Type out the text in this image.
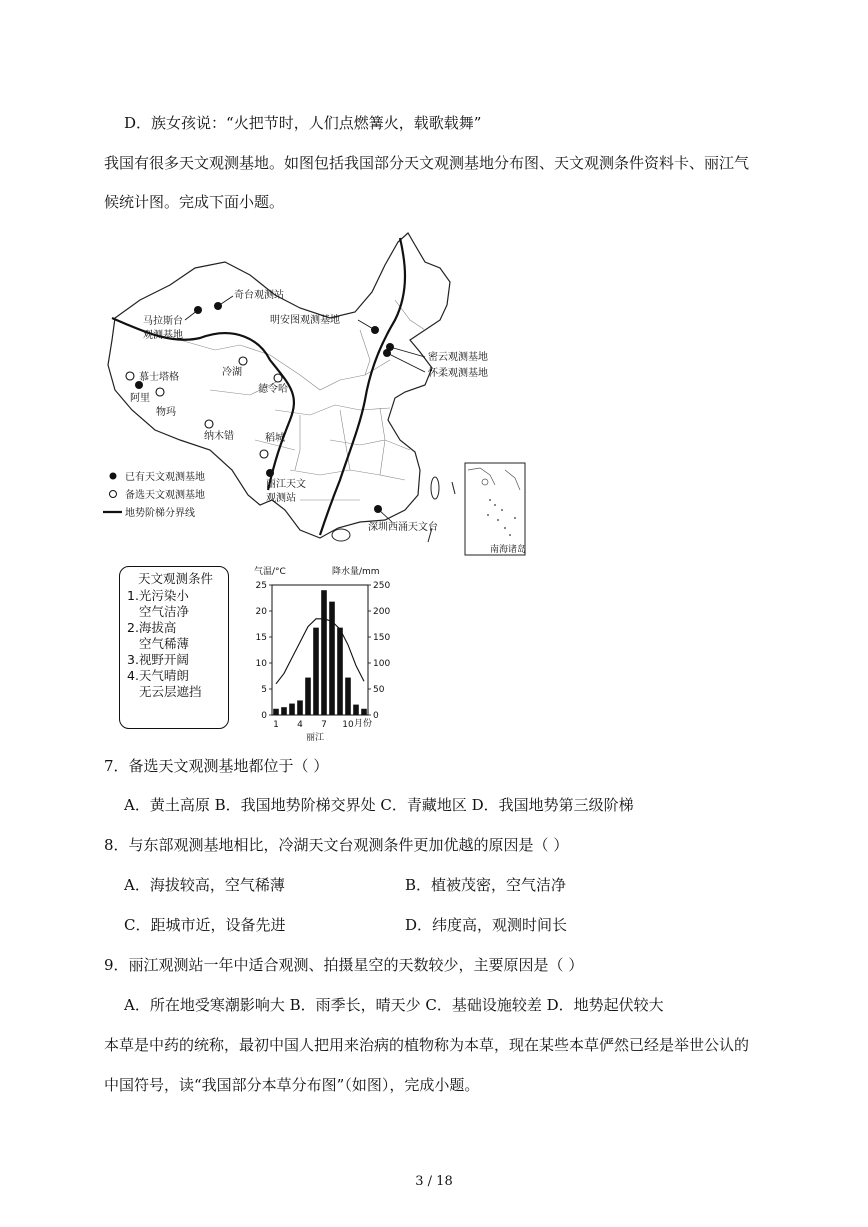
D．族女孩说：“火把节时，人们点燃篝火，载歌载舞”
我国有很多天文观测基地。如图包括我国部分天文观测基地分布图、天文观测条件资料卡、丽江气
候统计图。完成下面小题。
南海诸岛
奇台观测站
马拉斯台
观测基地
明安图观测基地
密云观测基地
怀柔观测基地
慕士塔格
阿里
物玛
冷湖
德令哈
纳木错	稻城
丽江天文
观测站
深圳西涌天文台
已有天文观测基地
备选天文观测基地
地势阶梯分界线
天文观测条件
1.光污染小
空气洁净
2.海拔高
空气稀薄
3.视野开阔
4.天气晴朗
无云层遮挡
气温/°C	降水量/mm
0
5
10
15
20
25
0
50
100
150
200
250
1 4 7 10 月份
丽江
7．备选天文观测基地都位于（ ）
A．黄土高原 B．我国地势阶梯交界处 C．青藏地区 D．我国地势第三级阶梯
8．与东部观测基地相比，冷湖天文台观测条件更加优越的原因是（ ）
A．海拔较高，空气稀薄	B．植被茂密，空气洁净
C．距城市近，设备先进	D．纬度高，观测时间长
9．丽江观测站一年中适合观测、拍摄星空的天数较少，主要原因是（ ）
A．所在地受寒潮影响大 B．雨季长，晴天少 C．基础设施较差 D．地势起伏较大
本草是中药的统称，最初中国人把用来治病的植物称为本草，现在某些本草俨然已经是举世公认的
中国符号，读“我国部分本草分布图”（如图），完成小题。
3 / 18
